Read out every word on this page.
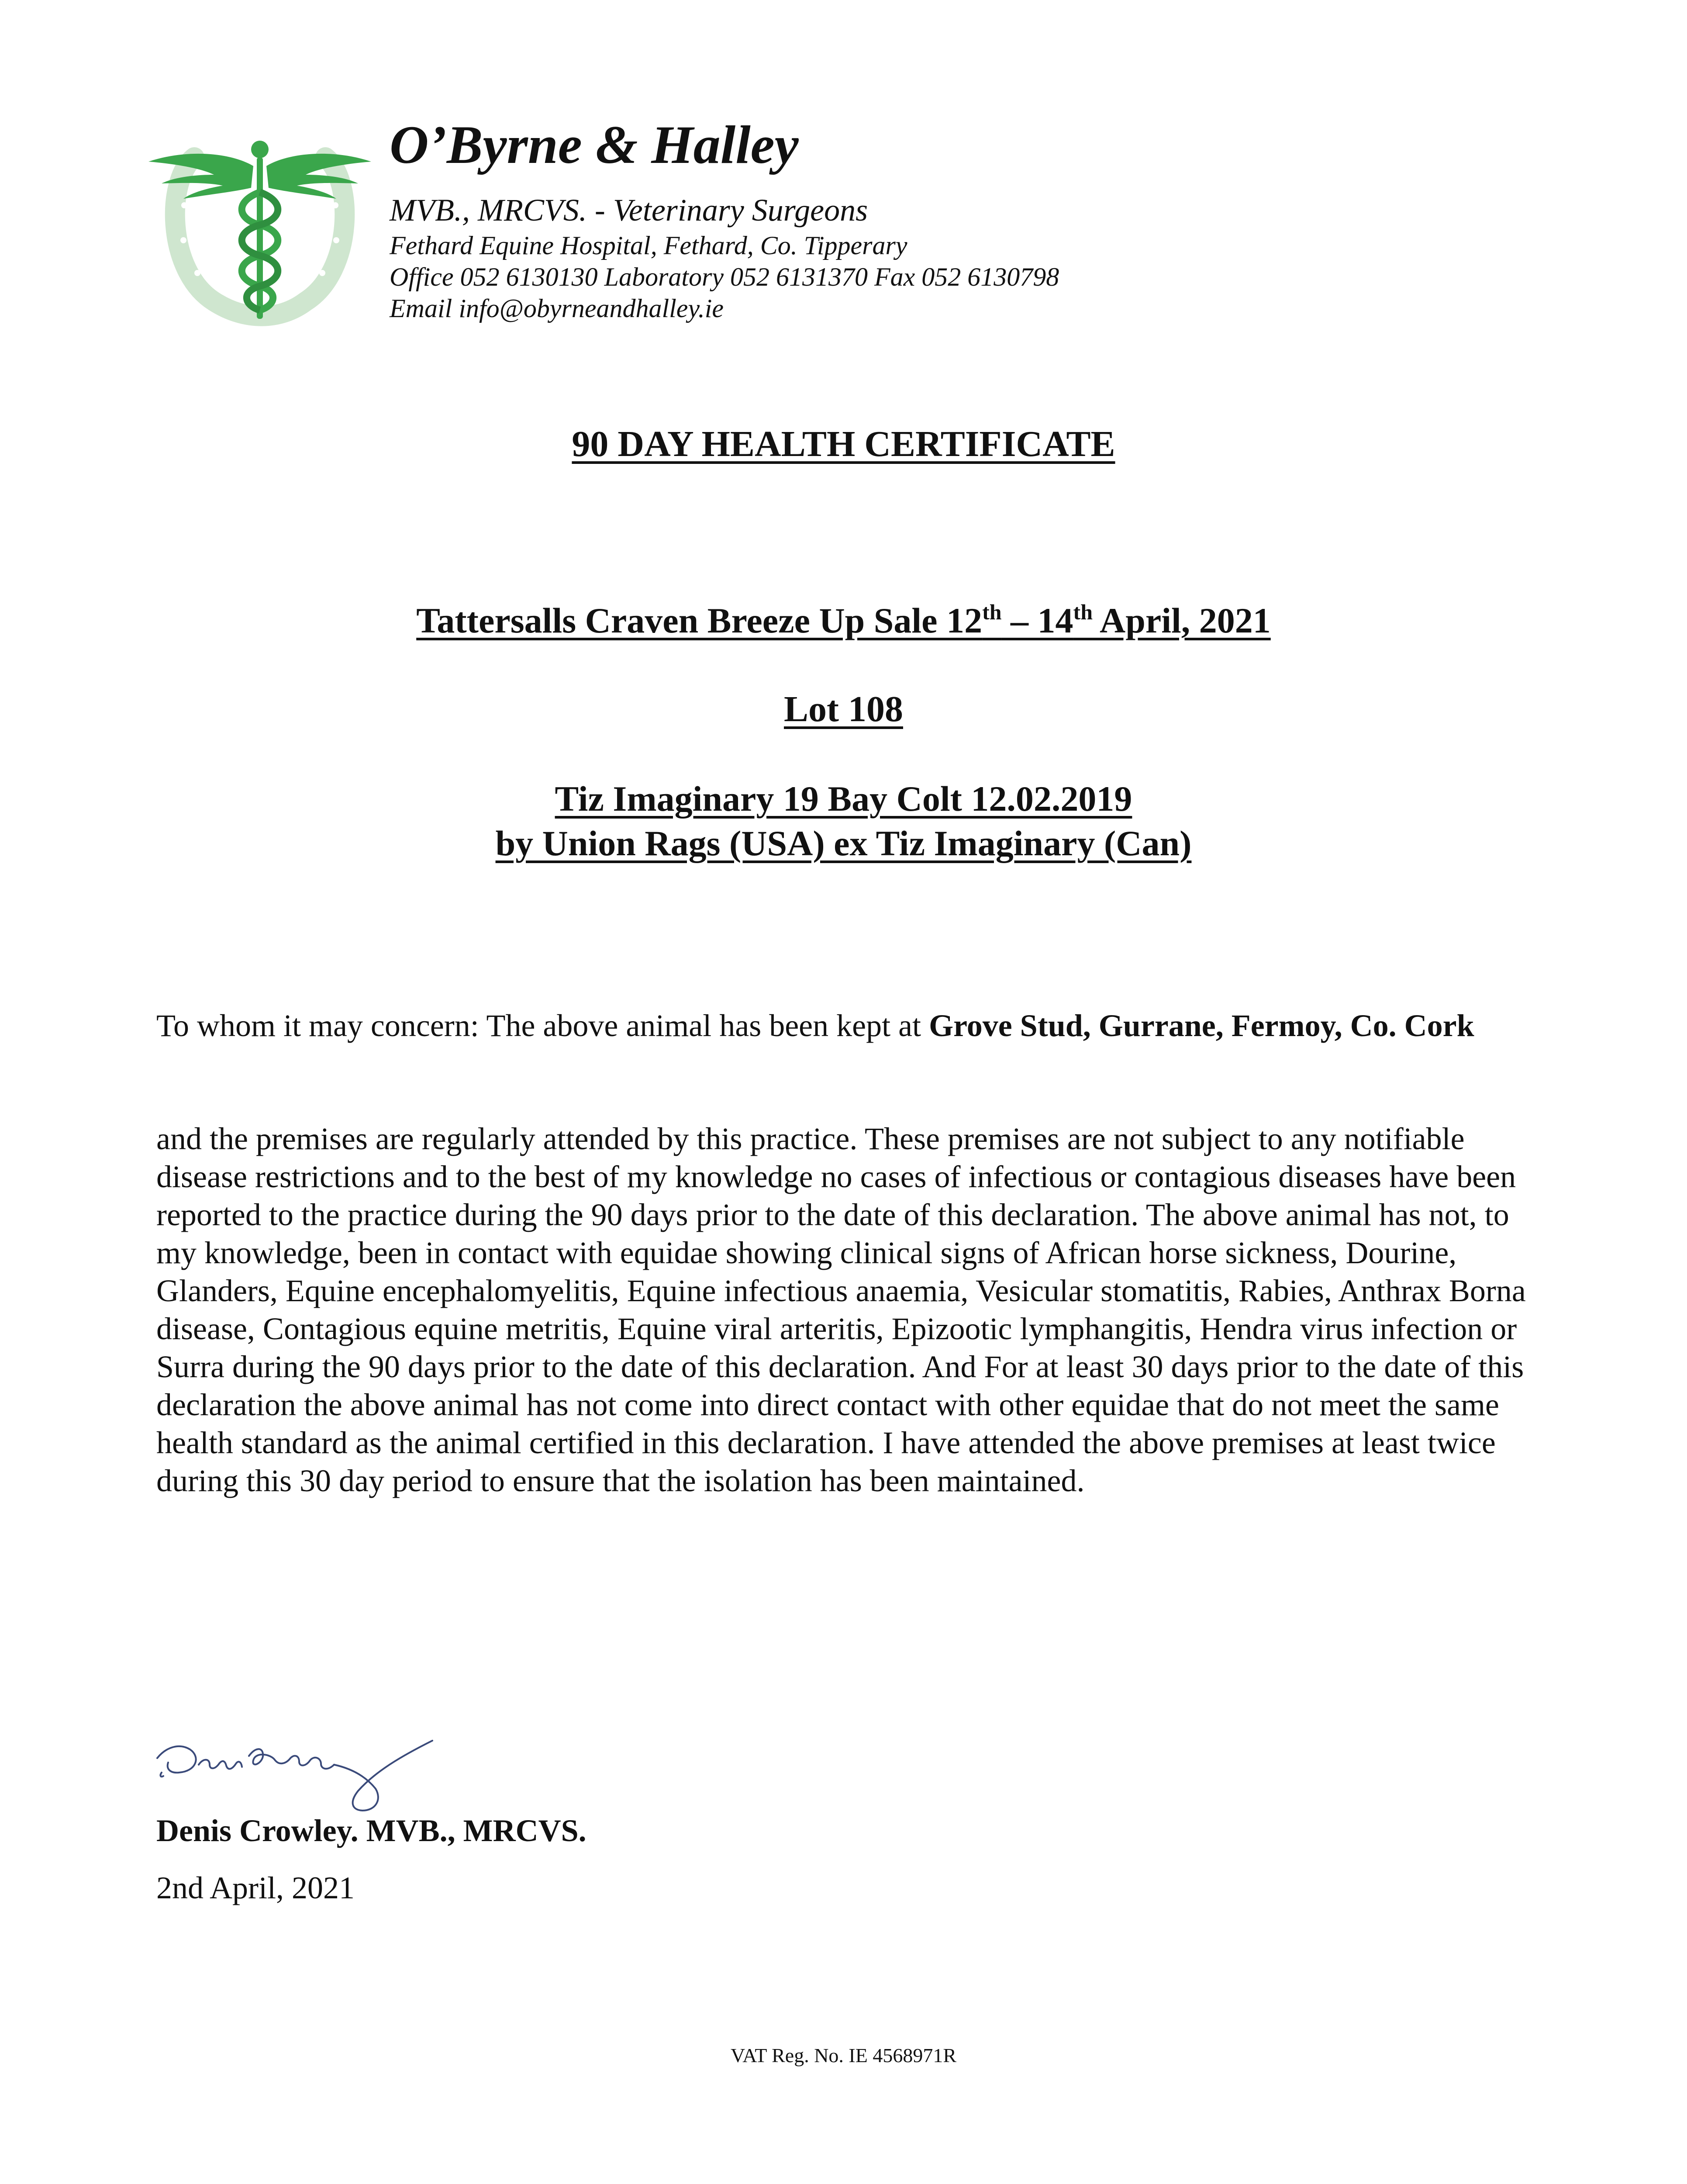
O’Byrne & Halley
MVB., MRCVS. - Veterinary Surgeons
Fethard Equine Hospital, Fethard, Co. Tipperary
Office 052 6130130 Laboratory 052 6131370 Fax 052 6130798
Email info@obyrneandhalley.ie
90 DAY HEALTH CERTIFICATE
Tattersalls Craven Breeze Up Sale 12th – 14th April, 2021
Lot 108
Tiz Imaginary 19 Bay Colt 12.02.2019
by Union Rags (USA) ex Tiz Imaginary (Can)
To whom it may concern: The above animal has been kept at Grove Stud, Gurrane, Fermoy, Co. Cork
and the premises are regularly attended by this practice. These premises are not subject to any notifiable disease restrictions and to the best of my knowledge no cases of infectious or contagious diseases have been reported to the practice during the 90 days prior to the date of this declaration. The above animal has not, to my knowledge, been in contact with equidae showing clinical signs of African horse sickness, Dourine, Glanders, Equine encephalomyelitis, Equine infectious anaemia, Vesicular stomatitis, Rabies, Anthrax Borna disease, Contagious equine metritis, Equine viral arteritis, Epizootic lymphangitis, Hendra virus infection or Surra during the 90 days prior to the date of this declaration. And For at least 30 days prior to the date of this declaration the above animal has not come into direct contact with other equidae that do not meet the same health standard as the animal certified in this declaration. I have attended the above premises at least twice during this 30 day period to ensure that the isolation has been maintained.
Denis Crowley. MVB., MRCVS.
2nd April, 2021
VAT Reg. No. IE 4568971R
